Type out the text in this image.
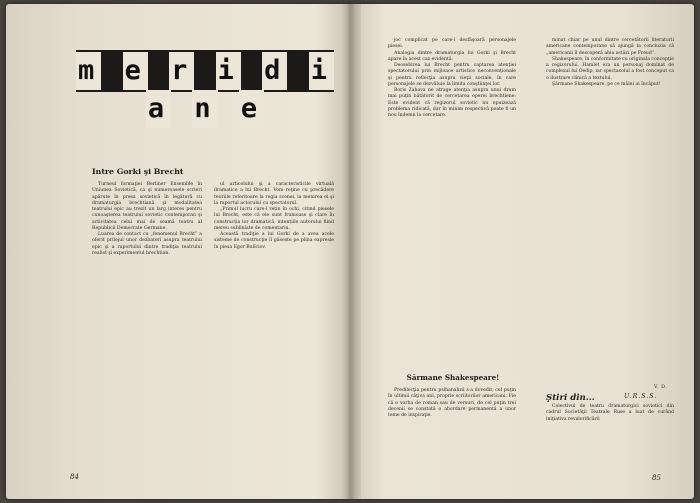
m e r i d i a n e
Intre Gorki şi Brecht
Turneul formaţiei Berliner Ensemble în Uniunea Sovietică, ca şi numeroasele scrieri apărute în presa sovietică în legătură cu dramaturgia brechtiană şi modalitatea teatrului epic au trezit un larg interes pentru cunoaşterea teatrului sovietic contemporan şi activitatea celui mai de seamă teatru al Republicii Democrate Germane.
Luarea de contact cu „fenomenul Brecht” a oferit prilejul unor dezbateri asupra teatrului epic şi a raportului dintre tradiţia teatrului realist şi experimentul brechtian.
ul articolului şi a caracteristicile virtuală dramatice a lui Brecht. Vom reţine cu precădere teoriile referitoare la regia scenei, la menirea ei şi la raportul actorului cu spectatorul.
„Primul lucru care-l rețin în ochi, citind piesele lui Brecht, este că ele sunt frumoase şi clare în construcția lor dramatică, intențiile autorului fiind mereu subliniate de comentariu.
Această tradiţie a lui Gorki de a avea acele sisteme de construcţie îl găsește pe plina expresie în piesa Egor Bulîciov.

84

joc complicat pe care-l desfăşoară personajele piesei.
Analogia dintre dramaturgia lui Gorki şi Brecht apare în acest caz evidentă.
Deosebirea lui Brecht pentru captarea atenţiei spectatorului prin mijloace artistice neconvenţionale şi pentru reflecţia asupra vieţii sociale, în care personajele se dezvăluie la limita conştiinţei lor.
Boris Zahava ne atrage atenţia asupra unui drum mai puţin bătătorit de cercetarea operei brechtiene: Este evident că regizorul sovietic nu epuizează problema ridicată, dar în minim respectivă poate fi un nou îndemn la cercetare.
Sărmane Shakespeare!
Predilecţia pentru psihanaliză s-a dovedit, cel puţin în ultimii câţiva ani, proprie scriitorilor americani. Fie că e vorba de roman sau de versuri, de cel puţin trei decenii se constată o abordare permanentă a unor teme de inspiraţie.
minat chiar pe unul dintre cercetătorii literaturii americane contemporane să ajungă la concluzia că „americanii îl descoperă abia astăzi pe Freud”.
Shakespeare, în conformitate cu originala concepţie a regizorului, Hamlet era un personaj dominat de complexul lui Oedip, iar spectacolul a fost conceput ca o ilustrare clinică a textului.
Şărmane Shakespeare, pe ce mâini ai încăput!

V. D.

Ştiri din...	U.R.S.S.

Colectivul de teatru dramaturgici sovietici din cadrul Societăţii Teatrale Ruse a luat de curând iniţiativa revalorificării

85
